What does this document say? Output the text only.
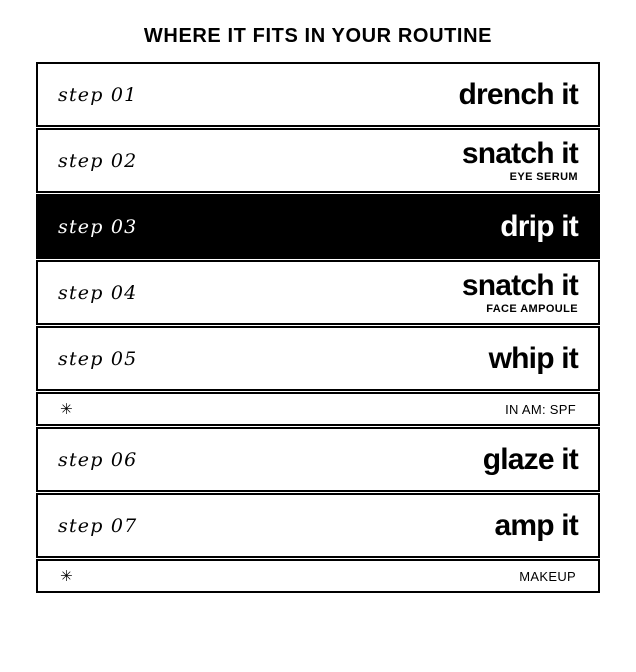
WHERE IT FITS IN YOUR ROUTINE
step 01	drench it
step 02	snatch it
EYE SERUM
step 03	drip it
step 04	snatch it
FACE AMPOULE
step 05	whip it
✳	IN AM: SPF
step 06	glaze it
step 07	amp it
✳	MAKEUP
